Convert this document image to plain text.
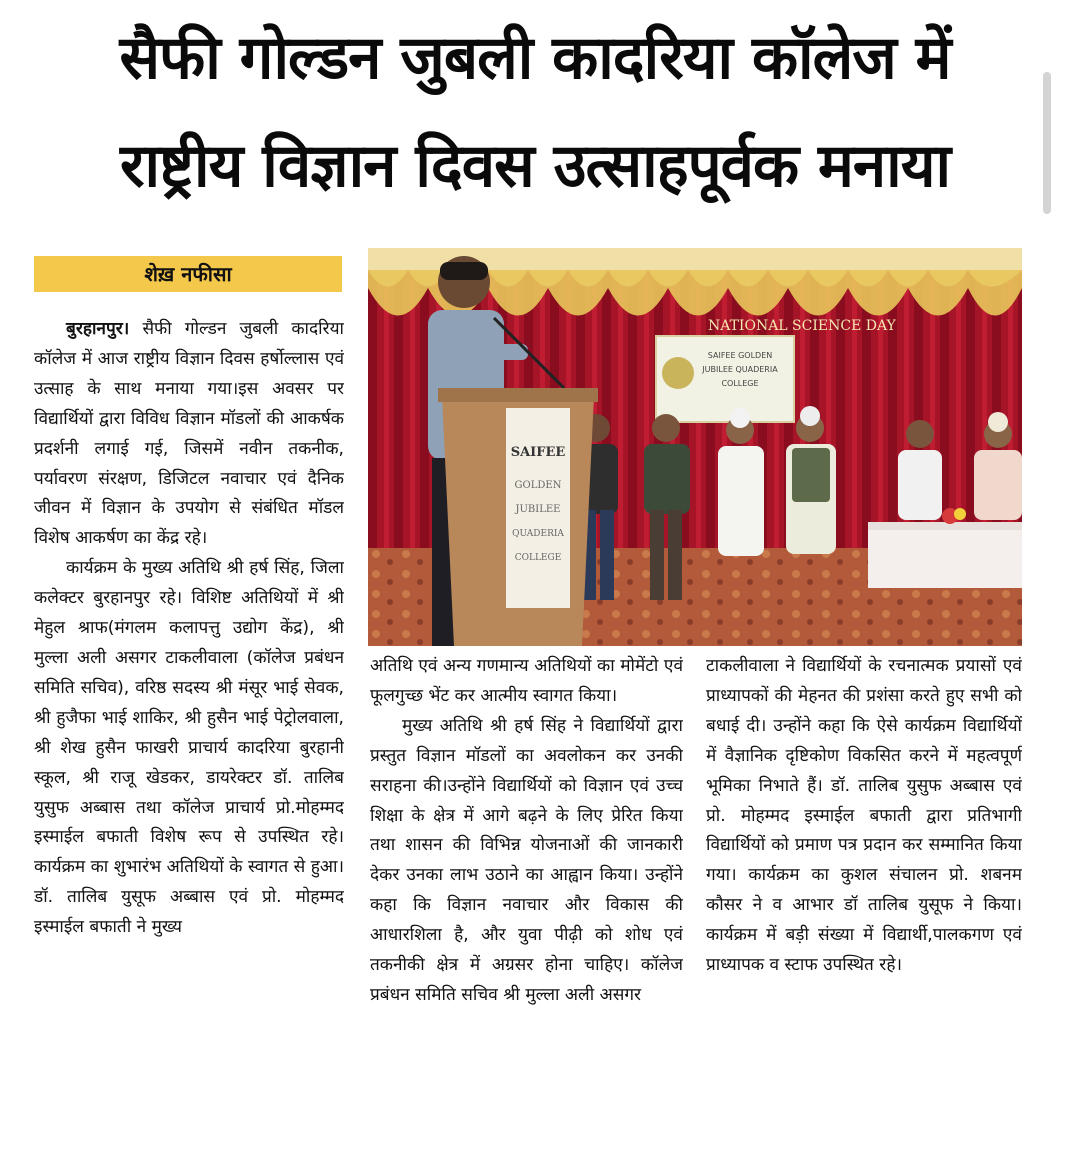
सैफी गोल्डन जुबली कादरिया कॉलेज में
राष्ट्रीय विज्ञान दिवस उत्साहपूर्वक मनाया
शेख़ नफीसा

बुरहानपुर। सैफी गोल्डन जुबली कादरिया कॉलेज में आज राष्ट्रीय विज्ञान दिवस हर्षोल्लास एवं उत्साह के साथ मनाया गया।इस अवसर पर विद्यार्थियों द्वारा विविध विज्ञान मॉडलों की आकर्षक प्रदर्शनी लगाई गई, जिसमें नवीन तकनीक, पर्यावरण संरक्षण, डिजिटल नवाचार एवं दैनिक जीवन में विज्ञान के उपयोग से संबंधित मॉडल विशेष आकर्षण का केंद्र रहे।

कार्यक्रम के मुख्य अतिथि श्री हर्ष सिंह, जिला कलेक्टर बुरहानपुर रहे। विशिष्ट अतिथियों में श्री मेहुल श्राफ(मंगलम कलापत्तु उद्योग केंद्र), श्री मुल्ला अली असगर टाकलीवाला (कॉलेज प्रबंधन समिति सचिव), वरिष्ठ सदस्य श्री मंसूर भाई सेवक, श्री हुजैफा भाई शाकिर, श्री हुसैन भाई पेट्रोलवाला, श्री शेख हुसैन फाखरी प्राचार्य कादरिया बुरहानी स्कूल, श्री राजू खेडकर, डायरेक्टर डॉ. तालिब युसुफ अब्बास तथा कॉलेज प्राचार्य प्रो.मोहम्मद इस्माईल बफाती विशेष रूप से उपस्थित रहे। कार्यक्रम का शुभारंभ अतिथियों के स्वागत से हुआ। डॉ. तालिब युसूफ अब्बास एवं प्रो. मोहम्मद इस्माईल बफाती ने मुख्य

NATIONAL SCIENCE DAY
SAIFEE GOLDEN
JUBILEE QUADERIA
COLLEGE
SAIFEE
GOLDEN
JUBILEE
QUADERIA
COLLEGE

अतिथि एवं अन्य गणमान्य अतिथियों का मोमेंटो एवं फूलगुच्छ भेंट कर आत्मीय स्वागत किया।

मुख्य अतिथि श्री हर्ष सिंह ने विद्यार्थियों द्वारा प्रस्तुत विज्ञान मॉडलों का अवलोकन कर उनकी सराहना की।उन्होंने विद्यार्थियों को विज्ञान एवं उच्च शिक्षा के क्षेत्र में आगे बढ़ने के लिए प्रेरित किया तथा शासन की विभिन्न योजनाओं की जानकारी देकर उनका लाभ उठाने का आह्वान किया। उन्होंने कहा कि विज्ञान नवाचार और विकास की आधारशिला है, और युवा पीढ़ी को शोध एवं तकनीकी क्षेत्र में अग्रसर होना चाहिए। कॉलेज प्रबंधन समिति सचिव श्री मुल्ला अली असगर

टाकलीवाला ने विद्यार्थियों के रचनात्मक प्रयासों एवं प्राध्यापकों की मेहनत की प्रशंसा करते हुए सभी को बधाई दी। उन्होंने कहा कि ऐसे कार्यक्रम विद्यार्थियों में वैज्ञानिक दृष्टिकोण विकसित करने में महत्वपूर्ण भूमिका निभाते हैं। डॉ. तालिब युसुफ अब्बास एवं प्रो. मोहम्मद इस्माईल बफाती द्वारा प्रतिभागी विद्यार्थियों को प्रमाण पत्र प्रदान कर सम्मानित किया गया। कार्यक्रम का कुशल संचालन प्रो. शबनम कौसर ने व आभार डॉ तालिब युसूफ ने किया। कार्यक्रम में बड़ी संख्या में विद्यार्थी,पालकगण एवं प्राध्यापक व स्टाफ उपस्थित रहे।
